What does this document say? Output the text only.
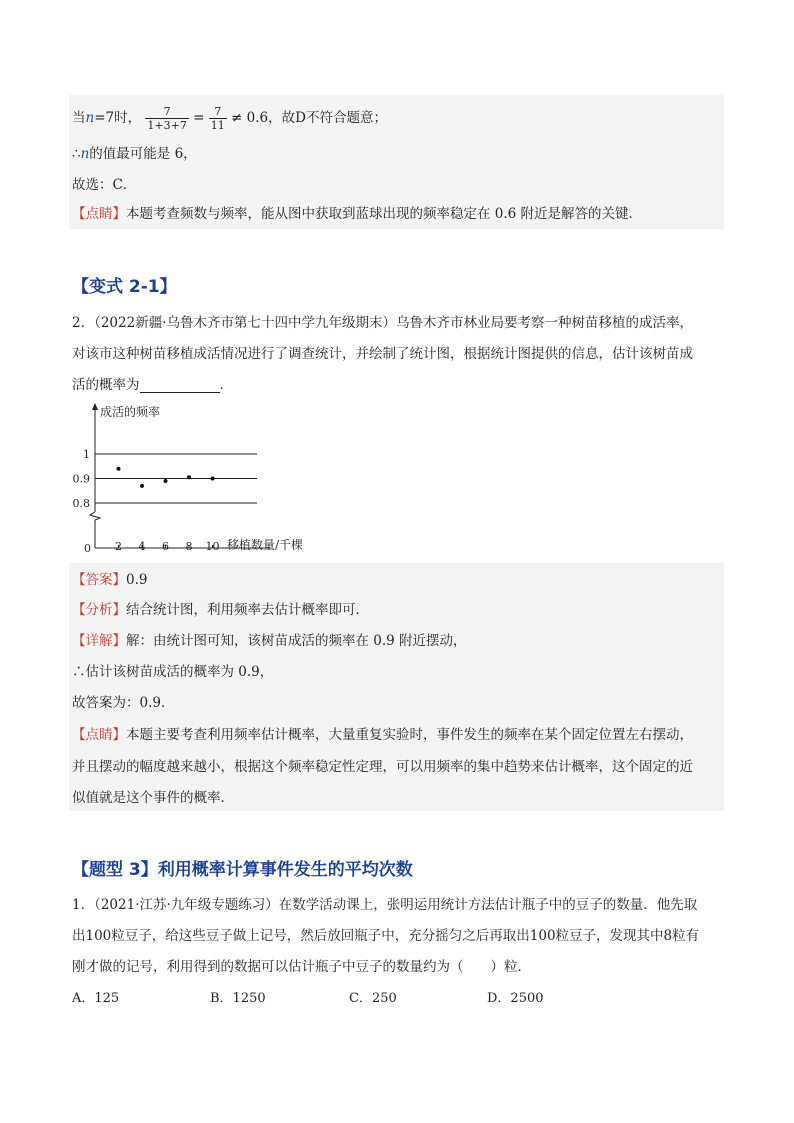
当n=7时， $\frac{7}{1+3+7} = \frac{7}{11} \ne 0.6$，故D不符合题意；
∴n的值最可能是 6，
故选：C．
【点睛】本题考查频数与频率，能从图中获取到蓝球出现的频率稳定在 0.6 附近是解答的关键．
【变式 2-1】
2．（2022新疆·乌鲁木齐市第七十四中学九年级期末）乌鲁木齐市林业局要考察一种树苗移植的成活率，
对该市这种树苗移植成活情况进行了调查统计，并绘制了统计图，根据统计图提供的信息，估计该树苗成
活的概率为	．
0.8
0.9
1
2 4 6 8 10
成活的频率
移植数量/千棵
0
【答案】0.9
【分析】结合统计图，利用频率去估计概率即可．
【详解】解：由统计图可知，该树苗成活的频率在 0.9 附近摆动，
∴估计该树苗成活的概率为 0.9，
故答案为：0.9．
【点睛】本题主要考查利用频率估计概率，大量重复实验时，事件发生的频率在某个固定位置左右摆动，
并且摆动的幅度越来越小，根据这个频率稳定性定理，可以用频率的集中趋势来估计概率，这个固定的近
似值就是这个事件的概率．
【题型 3】利用概率计算事件发生的平均次数
1．（2021·江苏·九年级专题练习）在数学活动课上，张明运用统计方法估计瓶子中的豆子的数量．他先取
出100粒豆子，给这些豆子做上记号，然后放回瓶子中，充分摇匀之后再取出100粒豆子，发现其中8粒有
刚才做的记号，利用得到的数据可以估计瓶子中豆子的数量约为（　　）粒．
A．125	B．1250	C．250	D．2500
